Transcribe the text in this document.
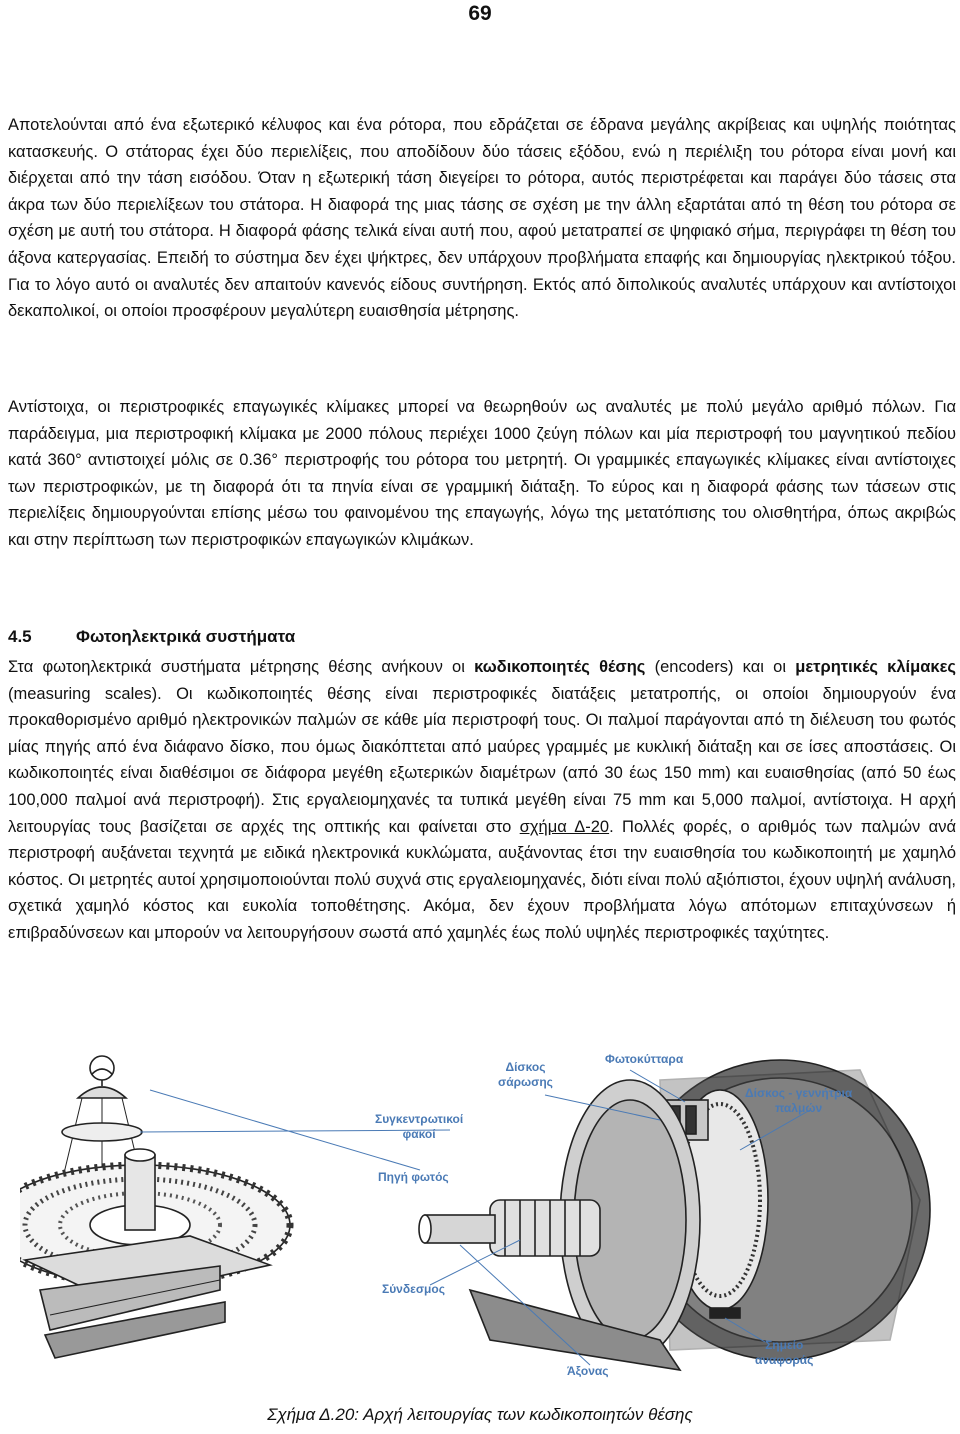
69

Αποτελούνται από ένα εξωτερικό κέλυφος και ένα ρότορα, που εδράζεται σε έδρανα μεγάλης ακρίβειας και υψηλής ποιότητας κατασκευής. Ο στάτορας έχει δύο περιελίξεις, που αποδίδουν δύο τάσεις εξόδου, ενώ η περιέλιξη του ρότορα είναι μονή και διέρχεται από την τάση εισόδου. Όταν η εξωτερική τάση διεγείρει το ρότορα, αυτός περιστρέφεται και παράγει δύο τάσεις στα άκρα των δύο περιελίξεων του στάτορα. Η διαφορά της μιας τάσης σε σχέση με την άλλη εξαρτάται από τη θέση του ρότορα σε σχέση με αυτή του στάτορα. Η διαφορά φάσης τελικά είναι αυτή που, αφού μετατραπεί σε ψηφιακό σήμα, περιγράφει τη θέση του άξονα κατεργασίας. Επειδή το σύστημα δεν έχει ψήκτρες, δεν υπάρχουν προβλήματα επαφής και δημιουργίας ηλεκτρικού τόξου. Για το λόγο αυτό οι αναλυτές δεν απαιτούν κανενός είδους συντήρηση. Εκτός από διπολικούς αναλυτές υπάρχουν και αντίστοιχοι δεκαπολικοί, οι οποίοι προσφέρουν μεγαλύτερη ευαισθησία μέτρησης.

Αντίστοιχα, οι περιστροφικές επαγωγικές κλίμακες μπορεί να θεωρηθούν ως αναλυτές με πολύ μεγάλο αριθμό πόλων. Για παράδειγμα, μια περιστροφική κλίμακα με 2000 πόλους περιέχει 1000 ζεύγη πόλων και μία περιστροφή του μαγνητικού πεδίου κατά 360° αντιστοιχεί μόλις σε 0.36° περιστροφής του ρότορα του μετρητή. Οι γραμμικές επαγωγικές κλίμακες είναι αντίστοιχες των περιστροφικών, με τη διαφορά ότι τα πηνία είναι σε γραμμική διάταξη. Το εύρος και η διαφορά φάσης των τάσεων στις περιελίξεις δημιουργούνται επίσης μέσω του φαινομένου της επαγωγής, λόγω της μετατόπισης του ολισθητήρα, όπως ακριβώς και στην περίπτωση των περιστροφικών επαγωγικών κλιμάκων.

4.5	Φωτοηλεκτρικά συστήματα

Στα φωτοηλεκτρικά συστήματα μέτρησης θέσης ανήκουν οι κωδικοποιητές θέσης (encoders) και οι μετρητικές κλίμακες (measuring scales). Οι κωδικοποιητές θέσης είναι περιστροφικές διατάξεις μετατροπής, οι οποίοι δημιουργούν ένα προκαθορισμένο αριθμό ηλεκτρονικών παλμών σε κάθε μία περιστροφή τους. Οι παλμοί παράγονται από τη διέλευση του φωτός μίας πηγής από ένα διάφανο δίσκο, που όμως διακόπτεται από μαύρες γραμμές με κυκλική διάταξη και σε ίσες αποστάσεις. Οι κωδικοποιητές είναι διαθέσιμοι σε διάφορα μεγέθη εξωτερικών διαμέτρων (από 30 έως 150 mm) και ευαισθησίας (από 50 έως 100,000 παλμοί ανά περιστροφή). Στις εργαλειομηχανές τα τυπικά μεγέθη είναι 75 mm και 5,000 παλμοί, αντίστοιχα. Η αρχή λειτουργίας τους βασίζεται σε αρχές της οπτικής και φαίνεται στο σχήμα Δ-20. Πολλές φορές, ο αριθμός των παλμών ανά περιστροφή αυξάνεται τεχνητά με ειδικά ηλεκτρονικά κυκλώματα, αυξάνοντας έτσι την ευαισθησία του κωδικοποιητή με χαμηλό κόστος. Οι μετρητές αυτοί χρησιμοποιούνται πολύ συχνά στις εργαλειομηχανές, διότι είναι πολύ αξιόπιστοι, έχουν υψηλή ανάλυση, σχετικά χαμηλό κόστος και ευκολία τοποθέτησης. Ακόμα, δεν έχουν προβλήματα λόγω απότομων επιταχύνσεων ή επιβραδύνσεων και μπορούν να λειτουργήσουν σωστά από χαμηλές έως πολύ υψηλές περιστροφικές ταχύτητες.

Δίσκος
σάρωσης
Φωτοκύτταρα
Δίσκος - γεννήτρια
παλμών
Συγκεντρωτικοί
φακοί
Πηγή φωτός
Σύνδεσμος
Σημείο
αναφοράς
Άξονας
Σχήμα Δ.20: Αρχή λειτουργίας των κωδικοποιητών θέσης
